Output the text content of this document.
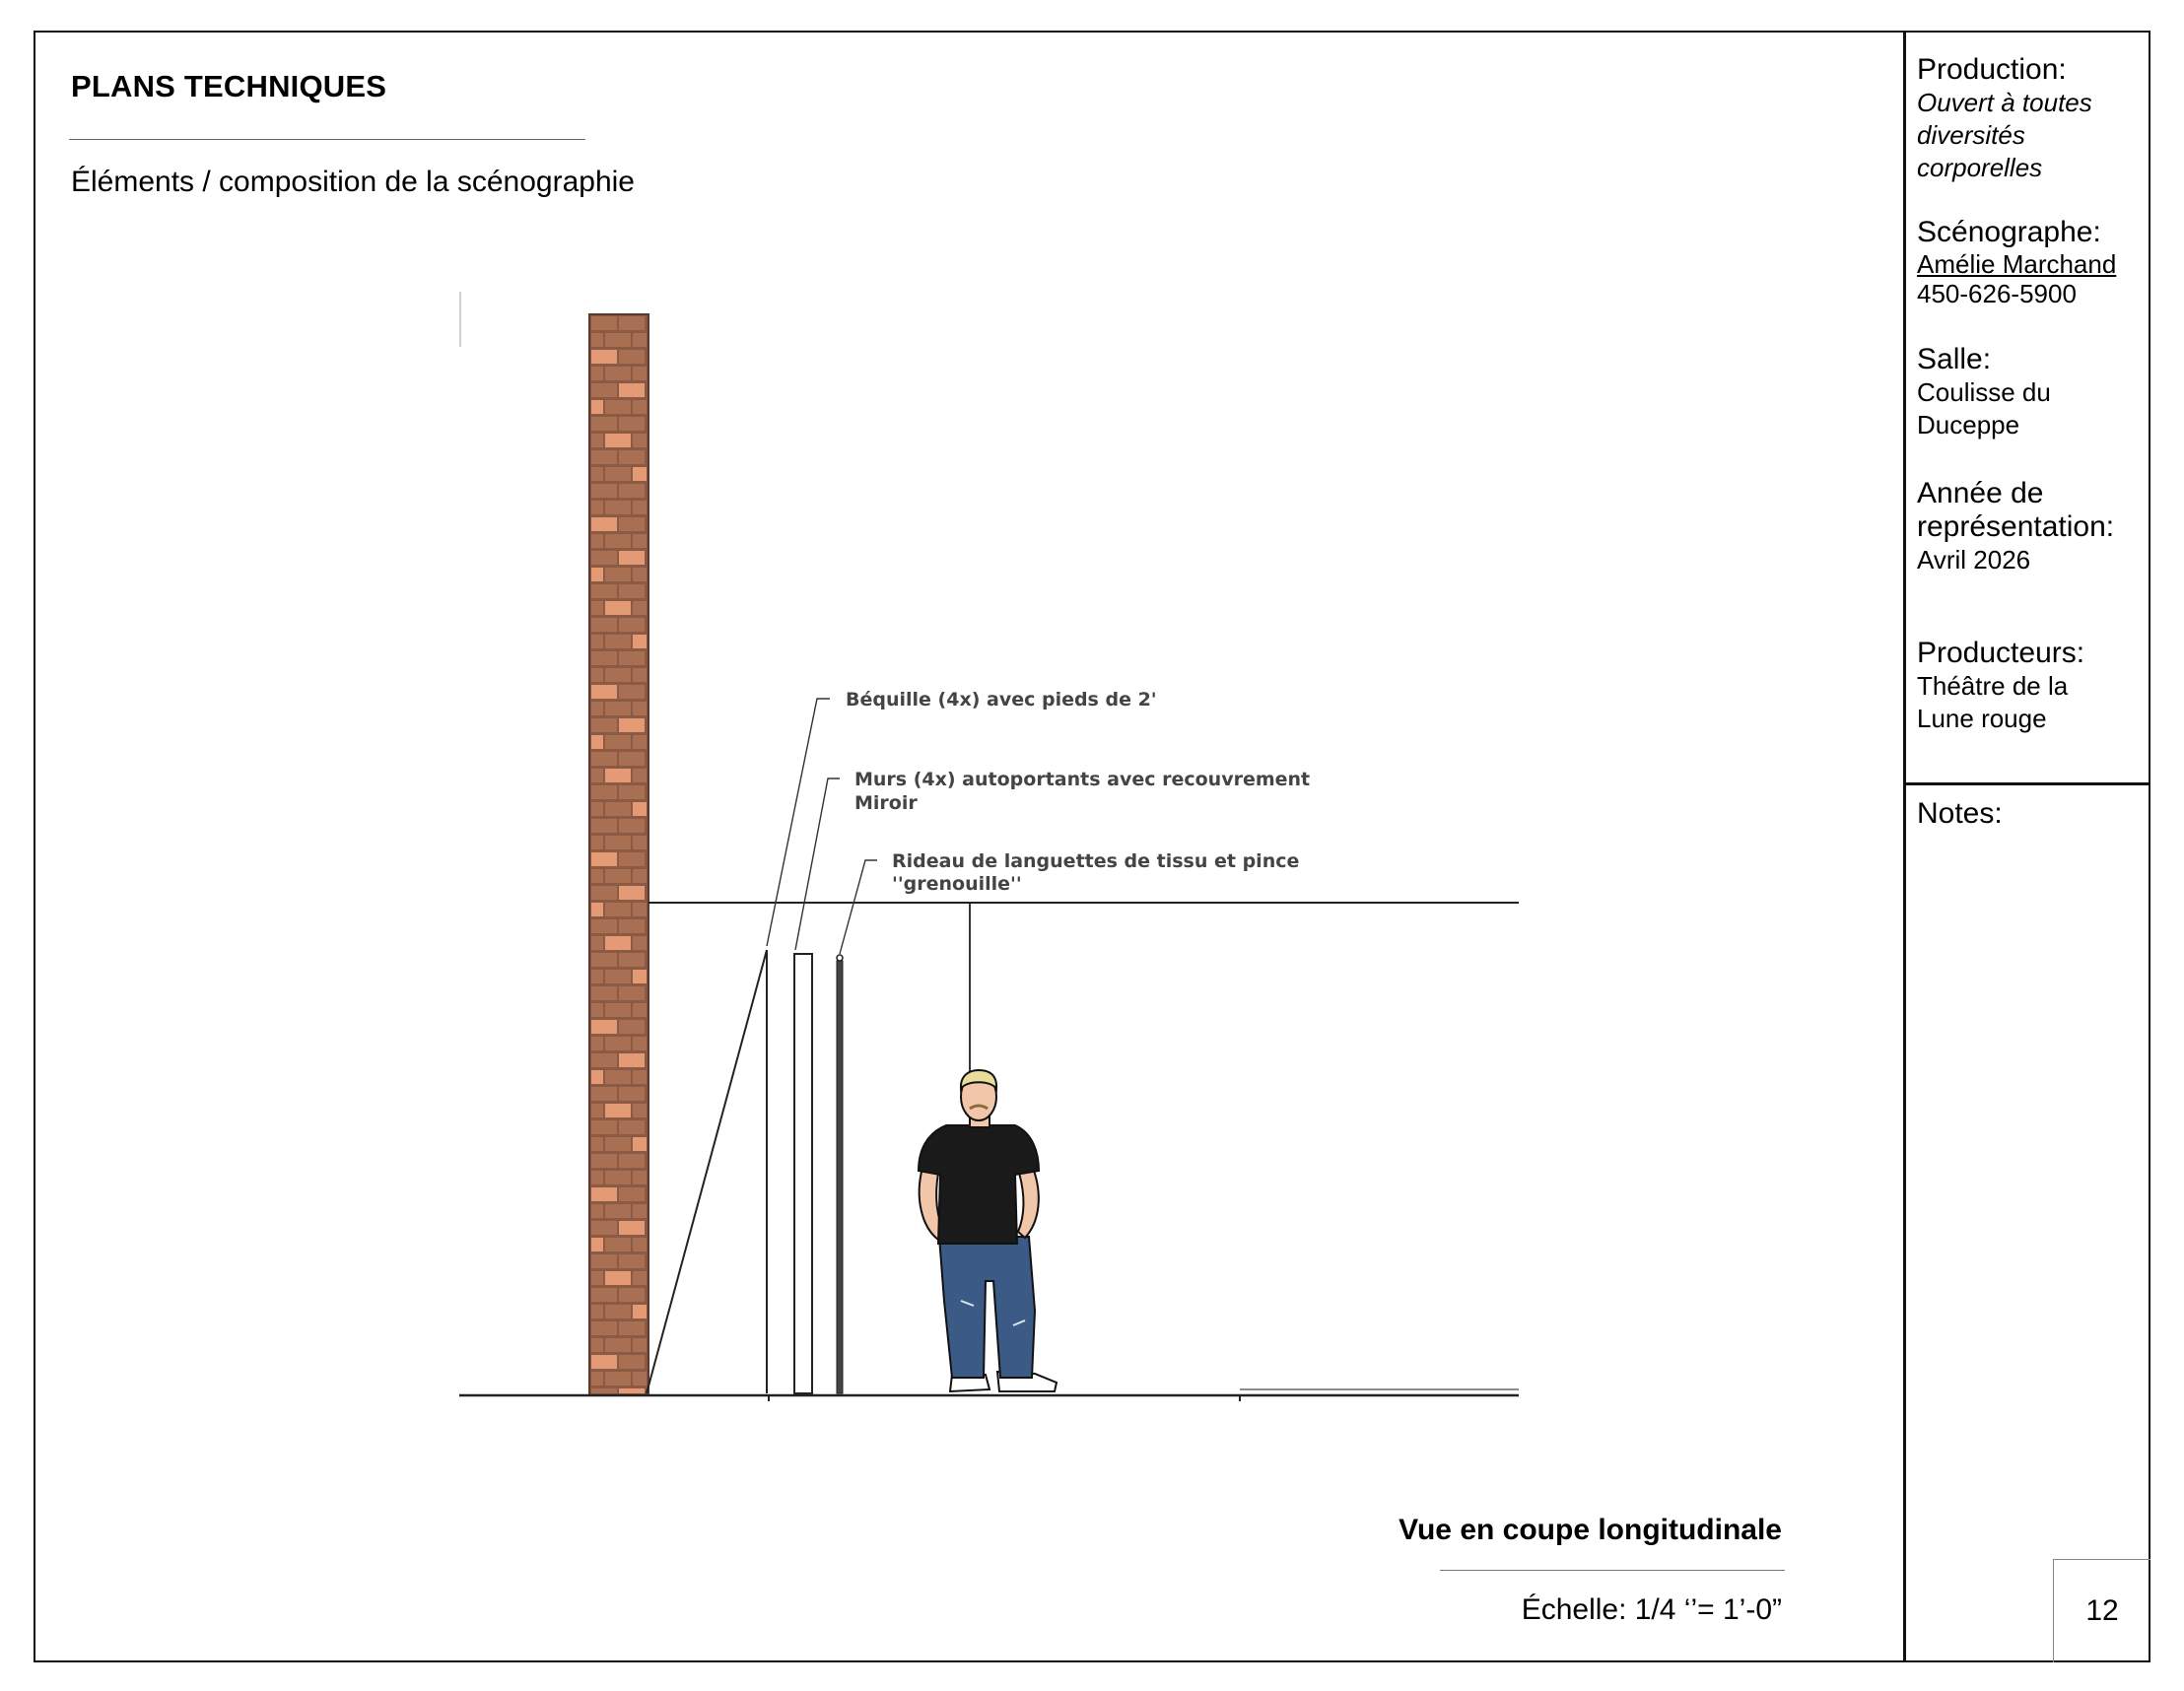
PLANS TECHNIQUES
Éléments / composition de la scénographie
Production:
Ouvert à toutes
diversités
corporelles
Scénographe:
Amélie Marchand
450-626-5900
Salle:
Coulisse du
Duceppe
Année de
représentation:
Avril 2026
Producteurs:
Théâtre de la
Lune rouge
Notes:
12
Vue en coupe longitudinale
Échelle: 1/4 ‘’= 1’-0”
Béquille (4x) avec pieds de 2'
Murs (4x) autoportants avec recouvrement
Miroir
Rideau de languettes de tissu et pince
''grenouille''
